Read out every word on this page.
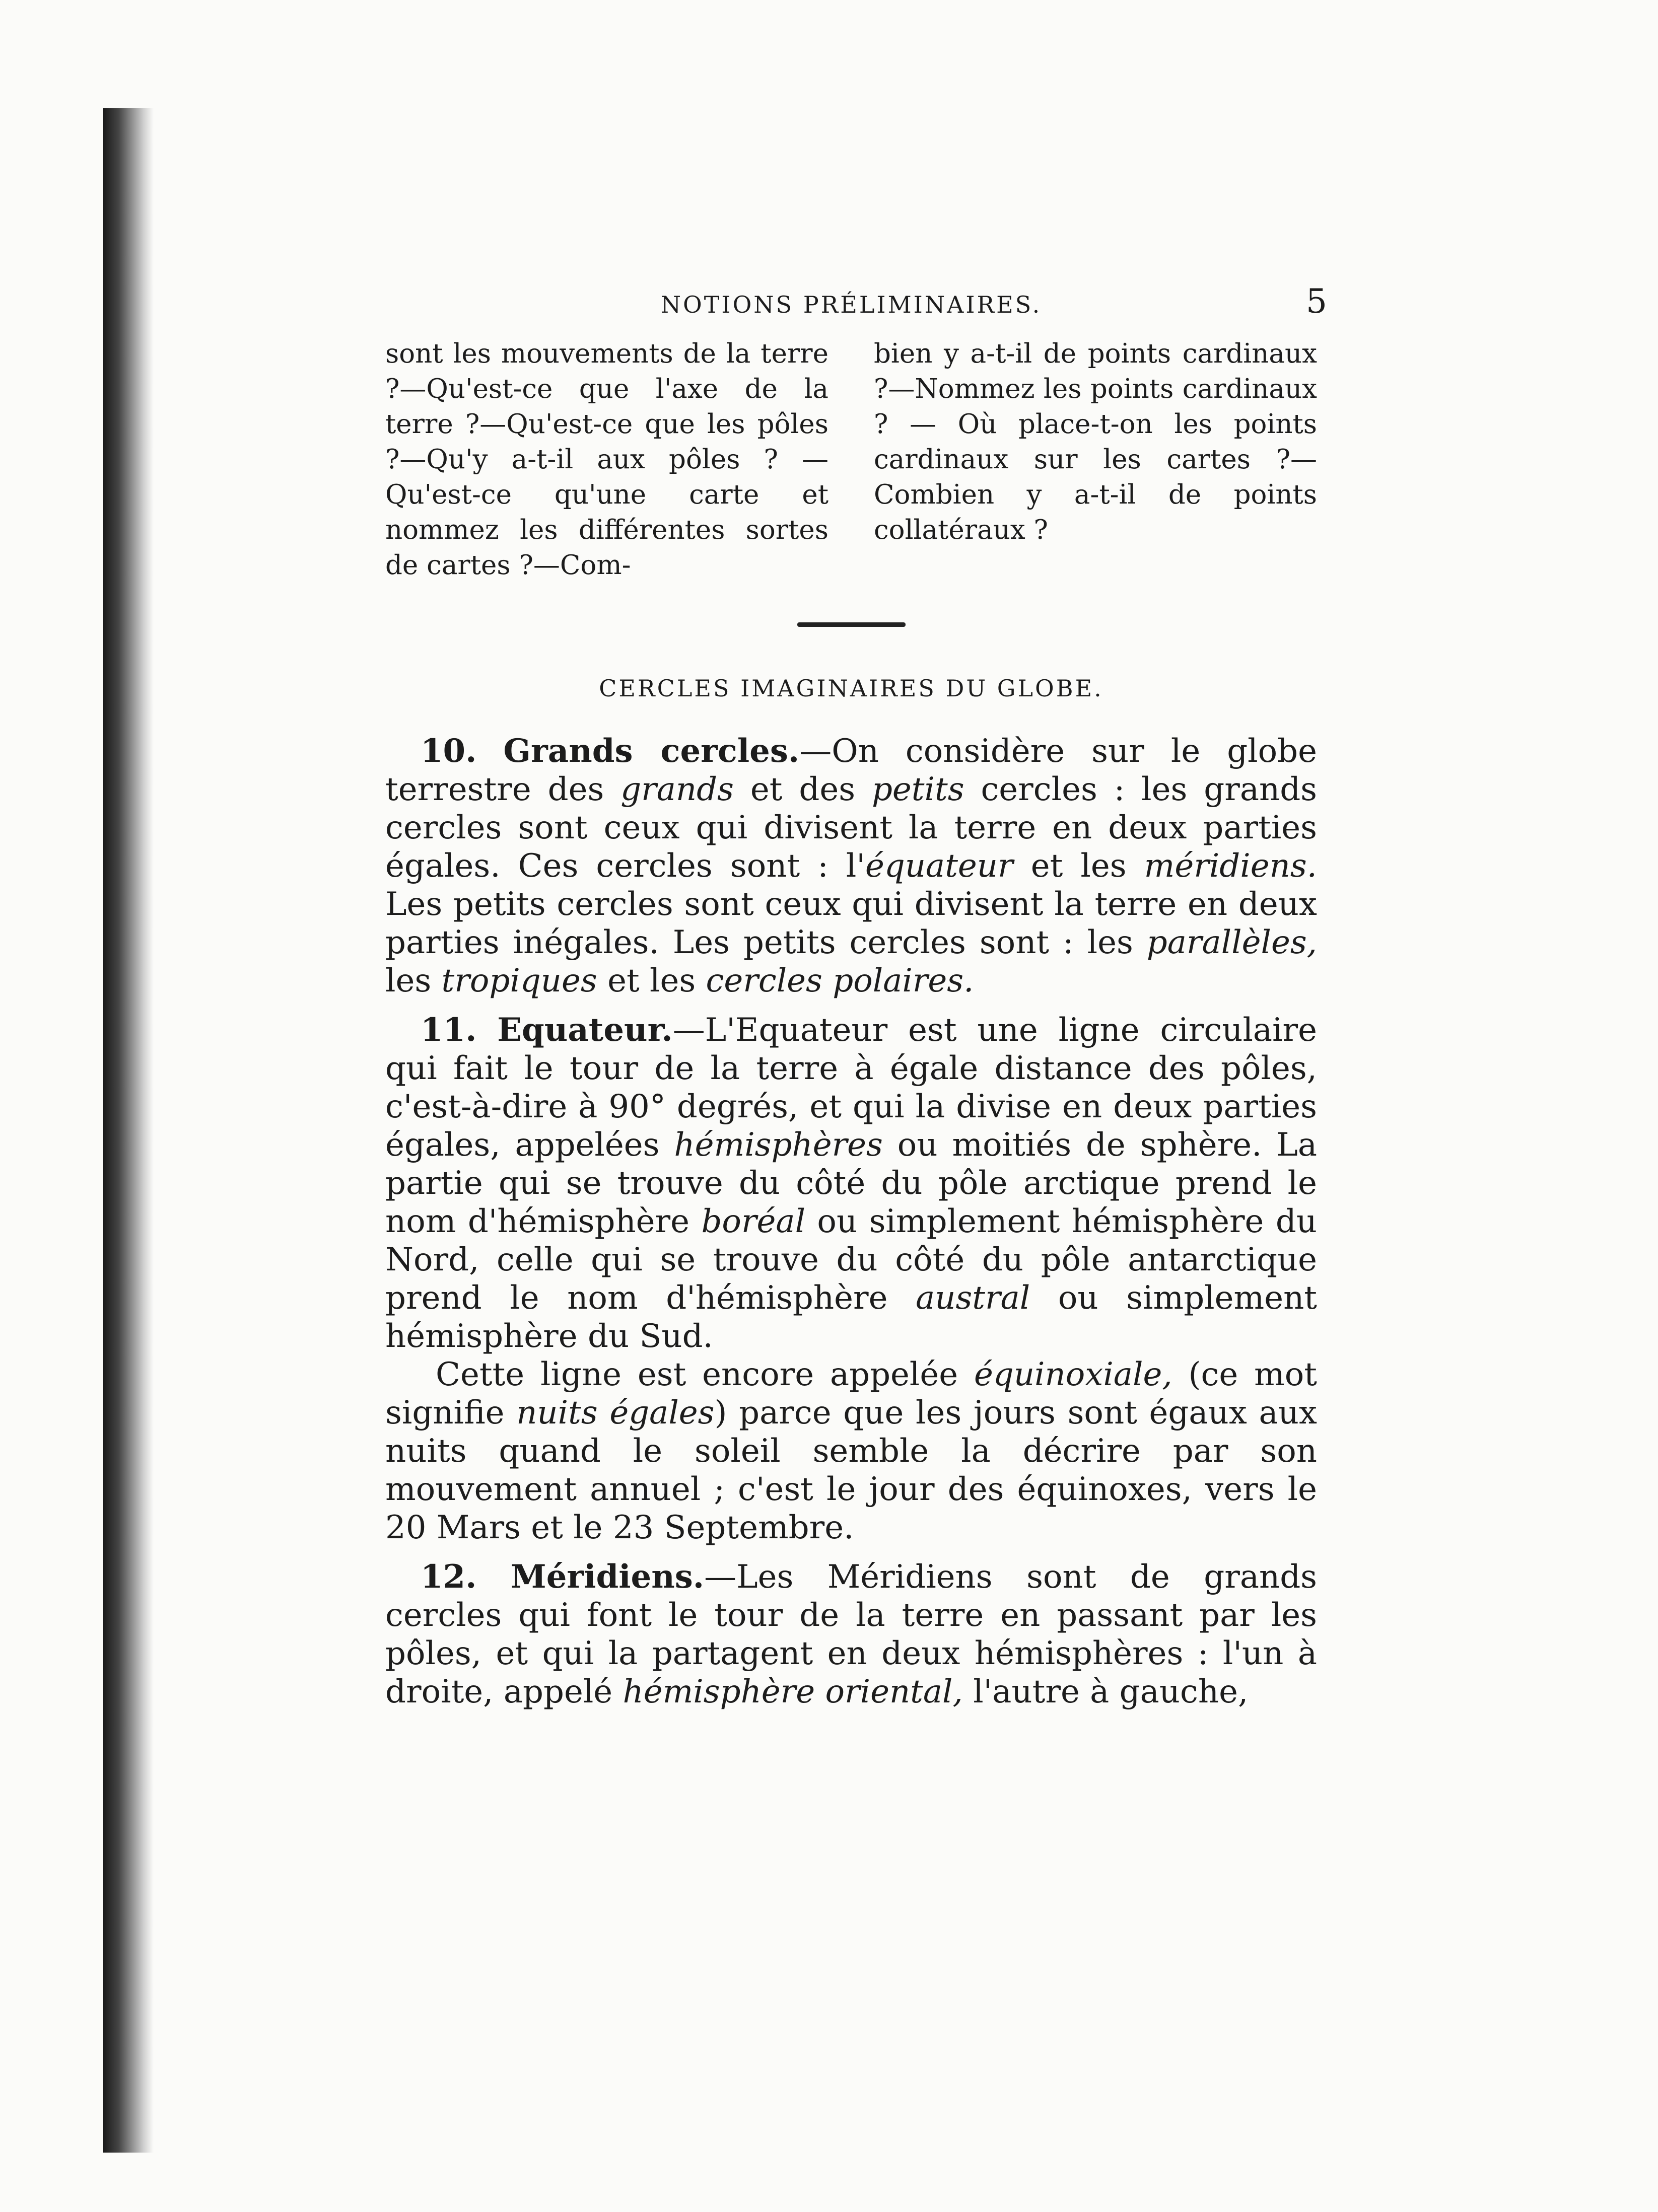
NOTIONS PRÉLIMINAIRES.	5
sont les mouvements de la terre ?—Qu'est-ce que l'axe de la terre ?—Qu'est-ce que les pôles ?—Qu'y a-t-il aux pôles ? — Qu'est-ce qu'une carte et nommez les différentes sortes de cartes ?—Com-
bien y a-t-il de points cardinaux ?—Nommez les points cardinaux ? — Où place-t-on les points cardinaux sur les cartes ?—Combien y a-t-il de points collatéraux ?
CERCLES IMAGINAIRES DU GLOBE.

10. Grands cercles.—On considère sur le globe terrestre des grands et des petits cercles : les grands cercles sont ceux qui divisent la terre en deux parties égales. Ces cercles sont : l'équateur et les méridiens. Les petits cercles sont ceux qui divisent la terre en deux parties inégales. Les petits cercles sont : les parallèles, les tropiques et les cercles polaires.

11. Equateur.—L'Equateur est une ligne circulaire qui fait le tour de la terre à égale distance des pôles, c'est-à-dire à 90° degrés, et qui la divise en deux parties égales, appelées hémisphères ou moitiés de sphère. La partie qui se trouve du côté du pôle arctique prend le nom d'hémisphère boréal ou simplement hémisphère du Nord, celle qui se trouve du côté du pôle antarctique prend le nom d'hémisphère austral ou simplement hémisphère du Sud.

Cette ligne est encore appelée équinoxiale, (ce mot signifie nuits égales) parce que les jours sont égaux aux nuits quand le soleil semble la décrire par son mouvement annuel ; c'est le jour des équinoxes, vers le 20 Mars et le 23 Septembre.

12. Méridiens.—Les Méridiens sont de grands cercles qui font le tour de la terre en passant par les pôles, et qui la partagent en deux hémisphères : l'un à droite, appelé hémisphère oriental, l'autre à gauche,
